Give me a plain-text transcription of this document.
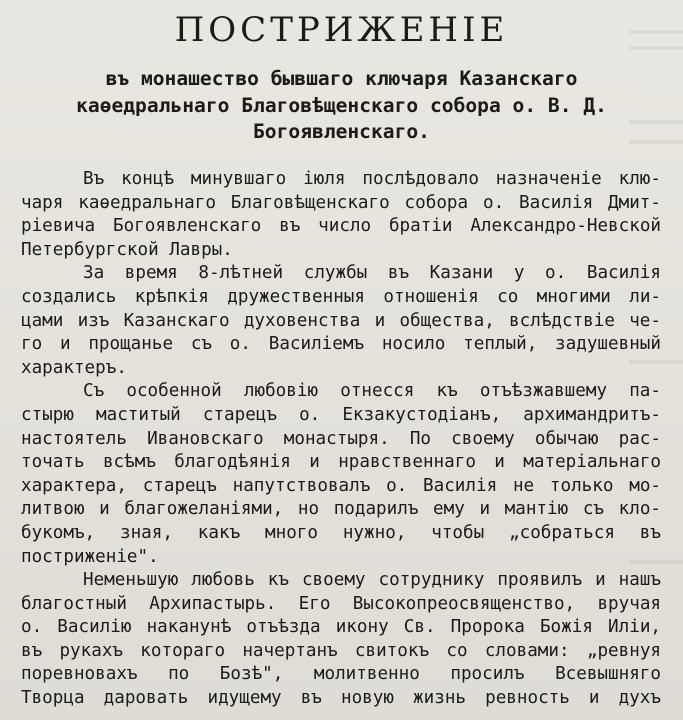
ПОСТРИЖЕНІЕ
въ монашество бывшаго ключаря Казанскаго
каѳедральнаго Благовѣщенскаго собора о. В. Д.
Богоявленскаго.
Въ концѣ минувшаго іюля послѣдовало назначеніе клю-
чаря каѳедральнаго Благовѣщенскаго собора о. Василія Дмит-
ріевича Богоявленскаго въ число братіи Александро-Невской
Петербургской Лавры.
За время 8-лѣтней службы въ Казани у о. Василія
создались крѣпкія дружественныя отношенія со многими ли-
цами изъ Казанскаго духовенства и общества, вслѣдствіе че-
го и прощанье съ о. Василіемъ носило теплый, задушевный
характеръ.
Съ особенной любовію отнесся къ отъѣзжавшему па-
стырю маститый старецъ о. Екзакустодіанъ, архимандритъ-
настоятель Ивановскаго монастыря. По своему обычаю рас-
точать всѣмъ благодѣянія и нравственнаго и матеріальнаго
характера, старецъ напутствовалъ о. Василія не только мо-
литвою и благожеланіями, но подарилъ ему и мантію съ кло-
букомъ, зная, какъ много нужно, чтобы „собраться въ
постриженіе".
Неменьшую любовь къ своему сотруднику проявилъ и нашъ
благостный Архипастырь. Его Высокопреосвященство, вручая
о. Василію наканунѣ отъѣзда икону Св. Пророка Божія Иліи,
въ рукахъ котораго начертанъ свитокъ со словами: „ревнуя
поревновахъ по Бозѣ", молитвенно просилъ Всевышняго
Творца даровать идущему въ новую жизнь ревность и духъ
